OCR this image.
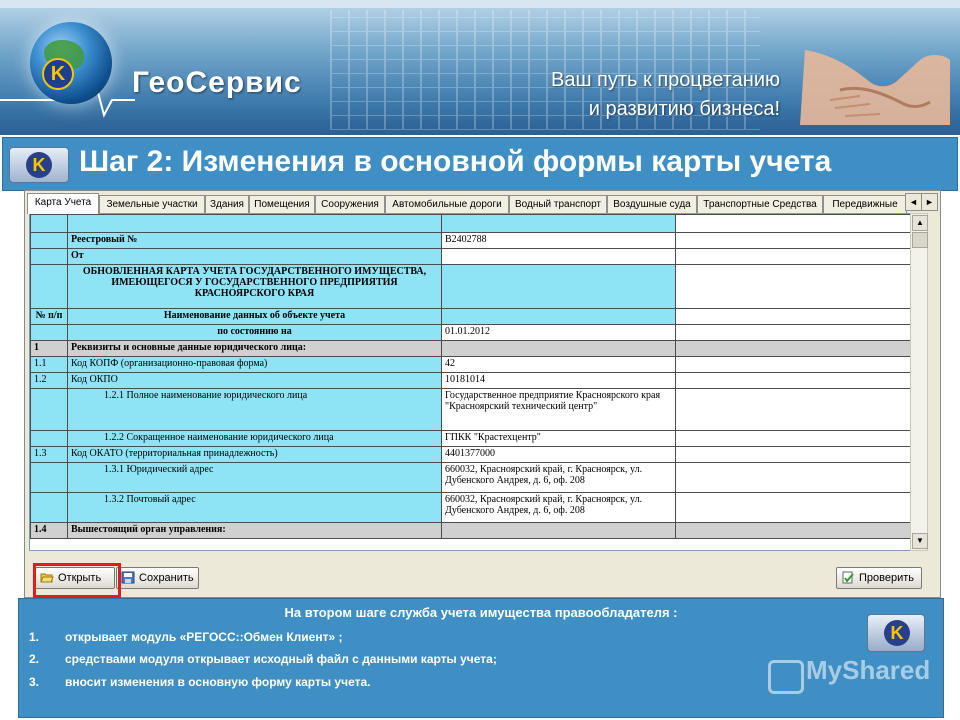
K ГеоСервис	Ваш путь к процветанию
и развитию бизнеса!
K Шаг 2: Изменения в основной формы карты учета
Карта Учета	Земельные участки	Здания	Помещения	Сооружения	Автомобильные дороги	Водный транспорт	Воздушные суда	Транспортные Средства	Передвижные	◄ ►

	Реестровый №	B2402788	
	От		
	ОБНОВЛЕННАЯ КАРТА УЧЕТА ГОСУДАРСТВЕННОГО ИМУЩЕСТВА, ИМЕЮЩЕГОСЯ У ГОСУДАРСТВЕННОГО ПРЕДПРИЯТИЯ КРАСНОЯРСКОГО КРАЯ		
№ п/п	Наименование данных об объекте учета		
	по состоянию на	01.01.2012	
1	Реквизиты и основные данные юридического лица:		
1.1	Код КОПФ (организационно-правовая форма)	42	
1.2	Код ОКПО	10181014	
	1.2.1 Полное наименование юридического лица	Государственное предприятие Красноярского края "Красноярский технический центр"	
	1.2.2 Сокращенное наименование юридического лица	ГПКК "Крастехцентр"	
1.3	Код ОКАТО (территориальная принадлежность)	4401377000	
	1.3.1 Юридический адрес	660032, Красноярский край, г. Красноярск, ул. Дубенского Андрея, д. 6, оф. 208	
	1.3.2 Почтовый адрес	660032, Красноярский край, г. Красноярск, ул. Дубенского Андрея, д. 6, оф. 208	
1.4	Вышестоящий орган управления:		
▲
▼
Открыть	Сохранить	Проверить
На втором шаге служба учета имущества правообладателя :
1. открывает модуль «РЕГОСС::Обмен Клиент» ;
2. средствами модуля открывает исходный файл с данными карты учета;
3. вносит изменения в основную форму карты учета.
K
MyShared
